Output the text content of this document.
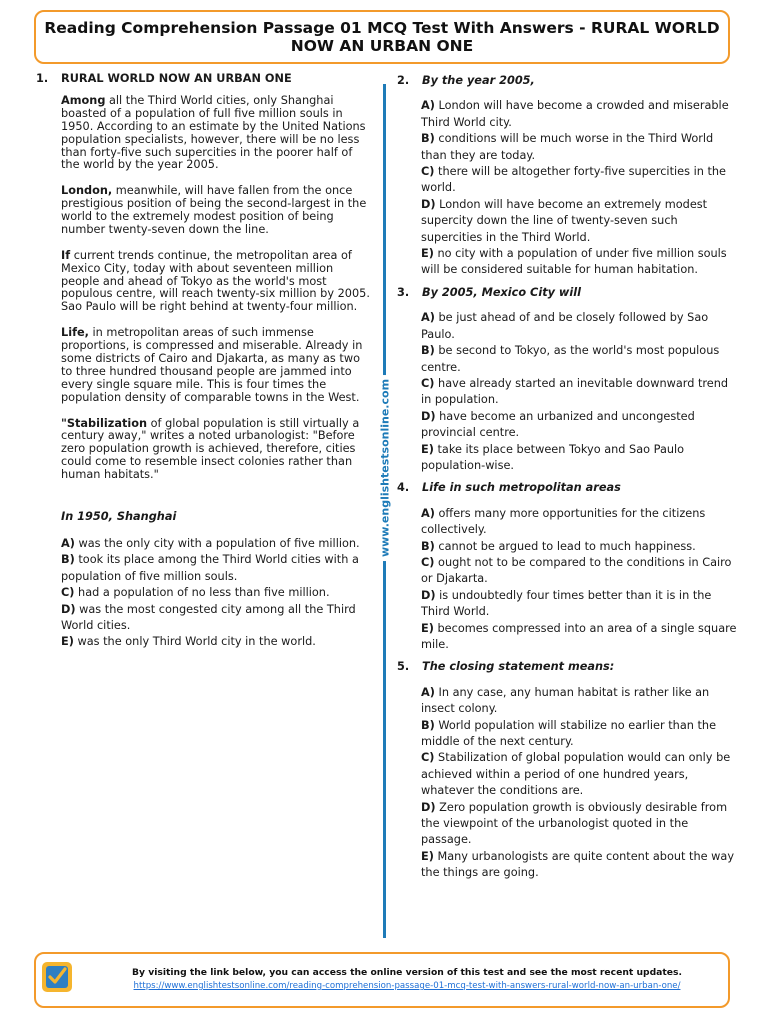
Reading Comprehension Passage 01 MCQ Test With Answers - RURAL WORLD NOW AN URBAN ONE
1.	RURAL WORLD NOW AN URBAN ONE
Among all the Third World cities, only Shanghai boasted of a population of full five million souls in 1950. According to an estimate by the United Nations population specialists, however, there will be no less than forty-five such supercities in the poorer half of the world by the year 2005.
London, meanwhile, will have fallen from the once prestigious position of being the second-largest in the world to the extremely modest position of being number twenty-seven down the line.
If current trends continue, the metropolitan area of Mexico City, today with about seventeen million people and ahead of Tokyo as the world's most populous centre, will reach twenty-six million by 2005. Sao Paulo will be right behind at twenty-four million.
Life, in metropolitan areas of such immense proportions, is compressed and miserable. Already in some districts of Cairo and Djakarta, as many as two to three hundred thousand people are jammed into every single square mile. This is four times the population density of comparable towns in the West.
"Stabilization of global population is still virtually a century away," writes a noted urbanologist: "Before zero population growth is achieved, therefore, cities could come to resemble insect colonies rather than human habitats."
In 1950, Shanghai
A) was the only city with a population of five million.
B) took its place among the Third World cities with a population of five million souls.
C) had a population of no less than five million.
D) was the most congested city among all the Third World cities.
E) was the only Third World city in the world.
www.englishtestsonline.com
2.	By the year 2005,
A) London will have become a crowded and miserable Third World city.
B) conditions will be much worse in the Third World than they are today.
C) there will be altogether forty-five supercities in the world.
D) London will have become an extremely modest supercity down the line of twenty-seven such supercities in the Third World.
E) no city with a population of under five million souls will be considered suitable for human habitation.
3.	By 2005, Mexico City will
A) be just ahead of and be closely followed by Sao Paulo.
B) be second to Tokyo, as the world's most populous centre.
C) have already started an inevitable downward trend in population.
D) have become an urbanized and uncongested provincial centre.
E) take its place between Tokyo and Sao Paulo population-wise.
4.	Life in such metropolitan areas
A) offers many more opportunities for the citizens collectively.
B) cannot be argued to lead to much happiness.
C) ought not to be compared to the conditions in Cairo or Djakarta.
D) is undoubtedly four times better than it is in the Third World.
E) becomes compressed into an area of a single square mile.
5.	The closing statement means:
A) In any case, any human habitat is rather like an insect colony.
B) World population will stabilize no earlier than the middle of the next century.
C) Stabilization of global population would can only be achieved within a period of one hundred years, whatever the conditions are.
D) Zero population growth is obviously desirable from the viewpoint of the urbanologist quoted in the passage.
E) Many urbanologists are quite content about the way the things are going.
By visiting the link below, you can access the online version of this test and see the most recent updates.
https://www.englishtestsonline.com/reading-comprehension-passage-01-mcq-test-with-answers-rural-world-now-an-urban-one/
